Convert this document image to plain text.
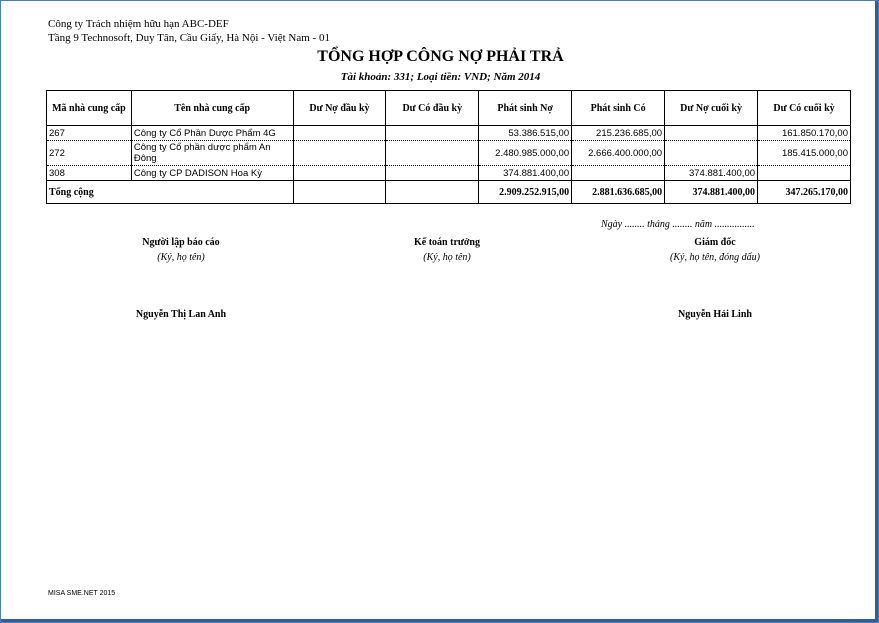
Công ty Trách nhiệm hữu hạn ABC-DEF
Tầng 9 Technosoft, Duy Tân, Cầu Giấy, Hà Nội - Việt Nam - 01
TỔNG HỢP CÔNG NỢ PHẢI TRẢ
Tài khoản: 331; Loại tiền: VND; Năm 2014
Mã nhà cung cấp	Tên nhà cung cấp	Dư Nợ đầu kỳ	Dư Có đầu kỳ	Phát sinh Nợ	Phát sinh Có	Dư Nợ cuối kỳ	Dư Có cuối kỳ
267	Công ty Cổ Phần Dược Phẩm 4G			53.386.515,00	215.236.685,00		161.850.170,00
272	Công ty Cổ phần dược phẩm An Đông			2.480.985.000,00	2.666.400.000,00		185.415.000,00
308	Công ty CP DADISON Hoa Kỳ			374.881.400,00		374.881.400,00	
Tổng cộng				2.909.252.915,00	2.881.636.685,00	374.881.400,00	347.265.170,00
Ngày ........ tháng ........ năm ................
Người lập báo cáo
(Ký, họ tên)
Kế toán trưởng
(Ký, họ tên)
Giám đốc
(Ký, họ tên, đóng dấu)
Nguyễn Thị Lan Anh	Nguyễn Hải Linh
MISA SME.NET 2015
